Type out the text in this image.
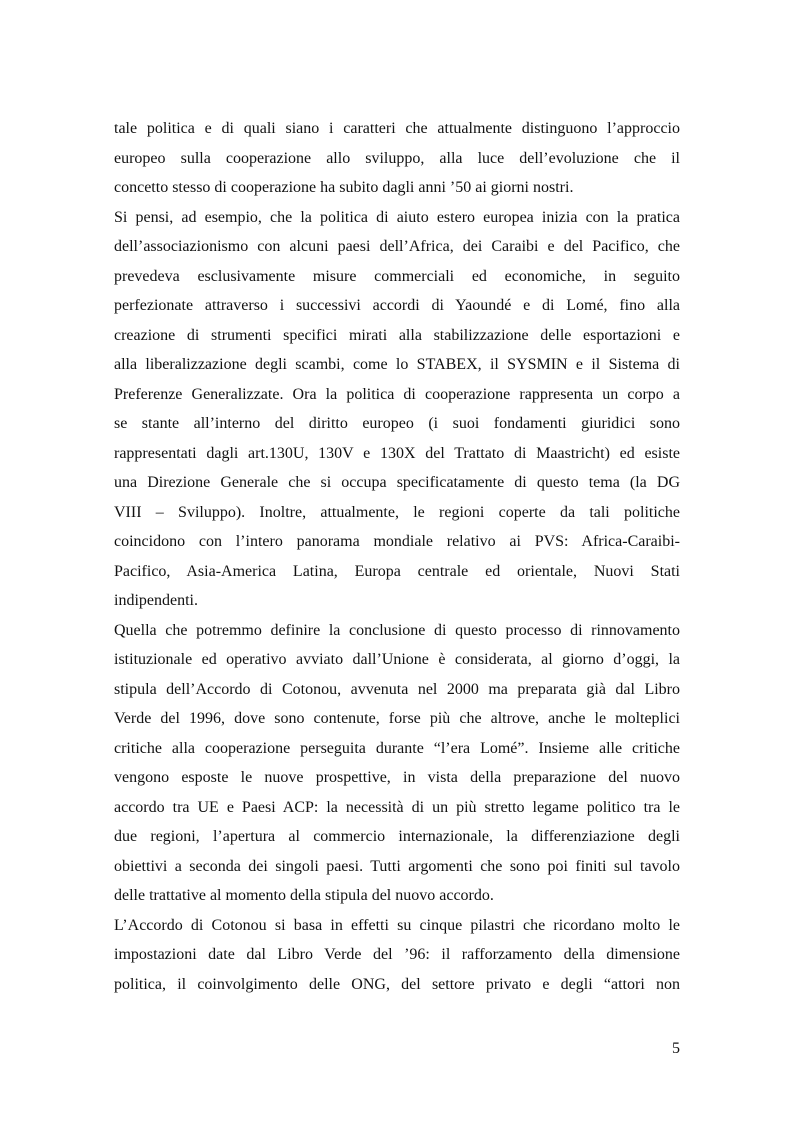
tale politica e di quali siano i caratteri che attualmente distinguono l’approccio
europeo sulla cooperazione allo sviluppo, alla luce dell’evoluzione che il
concetto stesso di cooperazione ha subito dagli anni ’50 ai giorni nostri.
Si pensi, ad esempio, che la politica di aiuto estero europea inizia con la pratica
dell’associazionismo con alcuni paesi dell’Africa, dei Caraibi e del Pacifico, che
prevedeva esclusivamente misure commerciali ed economiche, in seguito
perfezionate attraverso i successivi accordi di Yaoundé e di Lomé, fino alla
creazione di strumenti specifici mirati alla stabilizzazione delle esportazioni e
alla liberalizzazione degli scambi, come lo STABEX, il SYSMIN e il Sistema di
Preferenze Generalizzate. Ora la politica di cooperazione rappresenta un corpo a
se stante all’interno del diritto europeo (i suoi fondamenti giuridici sono
rappresentati dagli art.130U, 130V e 130X del Trattato di Maastricht) ed esiste
una Direzione Generale che si occupa specificatamente di questo tema (la DG
VIII – Sviluppo). Inoltre, attualmente, le regioni coperte da tali politiche
coincidono con l’intero panorama mondiale relativo ai PVS: Africa-Caraibi-
Pacifico, Asia-America Latina, Europa centrale ed orientale, Nuovi Stati
indipendenti.
Quella che potremmo definire la conclusione di questo processo di rinnovamento
istituzionale ed operativo avviato dall’Unione è considerata, al giorno d’oggi, la
stipula dell’Accordo di Cotonou, avvenuta nel 2000 ma preparata già dal Libro
Verde del 1996, dove sono contenute, forse più che altrove, anche le molteplici
critiche alla cooperazione perseguita durante “l’era Lomé”. Insieme alle critiche
vengono esposte le nuove prospettive, in vista della preparazione del nuovo
accordo tra UE e Paesi ACP: la necessità di un più stretto legame politico tra le
due regioni, l’apertura al commercio internazionale, la differenziazione degli
obiettivi a seconda dei singoli paesi. Tutti argomenti che sono poi finiti sul tavolo
delle trattative al momento della stipula del nuovo accordo.
L’Accordo di Cotonou si basa in effetti su cinque pilastri che ricordano molto le
impostazioni date dal Libro Verde del ’96: il rafforzamento della dimensione
politica, il coinvolgimento delle ONG, del settore privato e degli “attori non
5
